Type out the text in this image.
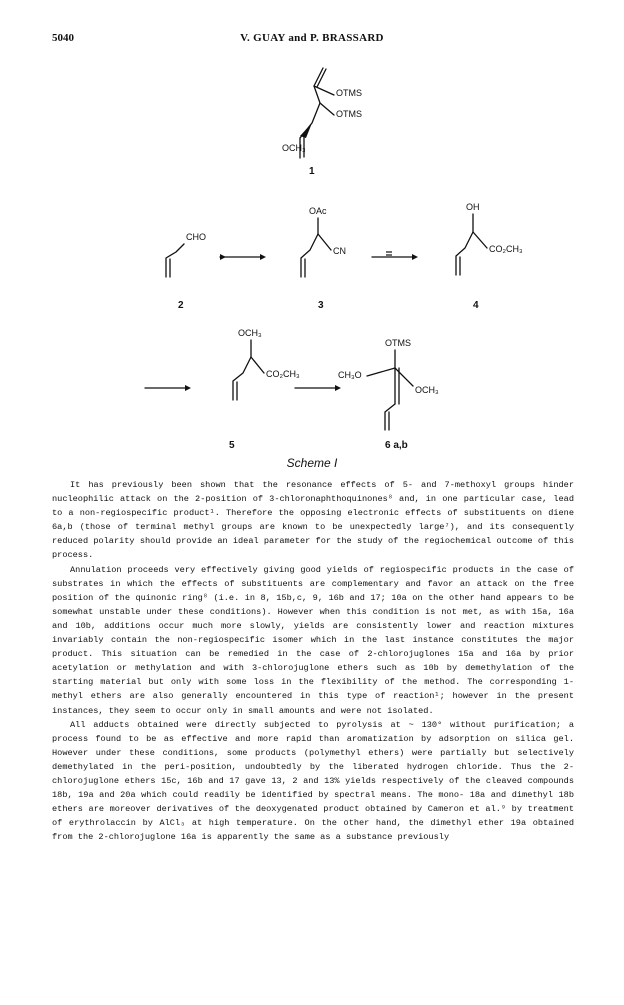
5040	V. GUAY and P. BRASSARD
OTMS
OTMS
OCH₃
1
CHO
2
OAc
CN
3
OH
CO₂CH₃
4
OCH₃
CO₂CH₃
5
OTMS
CH₃O
OCH₃
6 a,b
Scheme I

It has previously been shown that the resonance effects of 5- and 7-methoxyl groups hinder nucleophilic attack on the 2-position of 3-chloronaphthoquinones⁸ and, in one particular case, lead to a non-regiospecific product¹. Therefore the opposing electronic effects of substituents on diene 6a,b (those of terminal methyl groups are known to be unexpectedly large⁷), and its consequently reduced polarity should provide an ideal parameter for the study of the regiochemical outcome of this process.

Annulation proceeds very effectively giving good yields of regiospecific products in the case of substrates in which the effects of substituents are complementary and favor an attack on the free position of the quinonic ring⁸ (i.e. in 8, 15b,c, 9, 16b and 17; 10a on the other hand appears to be somewhat unstable under these conditions). However when this condition is not met, as with 15a, 16a and 10b, additions occur much more slowly, yields are consistently lower and reaction mixtures invariably contain the non-regiospecific isomer which in the last instance constitutes the major product. This situation can be remedied in the case of 2-chlorojuglones 15a and 16a by prior acetylation or methylation and with 3-chlorojuglone ethers such as 10b by demethylation of the starting material but only with some loss in the flexibility of the method. The corresponding 1-methyl ethers are also generally encountered in this type of reaction¹; however in the present instances, they seem to occur only in small amounts and were not isolated.

All adducts obtained were directly subjected to pyrolysis at ~ 130° without purification; a process found to be as effective and more rapid than aromatization by adsorption on silica gel. However under these conditions, some products (polymethyl ethers) were partially but selectively demethylated in the peri-position, undoubtedly by the liberated hydrogen chloride. Thus the 2-chlorojuglone ethers 15c, 16b and 17 gave 13, 2 and 13% yields respectively of the cleaved compounds 18b, 19a and 20a which could readily be identified by spectral means. The mono- 18a and dimethyl 18b ethers are moreover derivatives of the deoxygenated product obtained by Cameron et al.⁹ by treatment of erythrolaccin by AlCl₃ at high temperature. On the other hand, the dimethyl ether 19a obtained from the 2-chlorojuglone 16a is apparently the same as a substance previously
